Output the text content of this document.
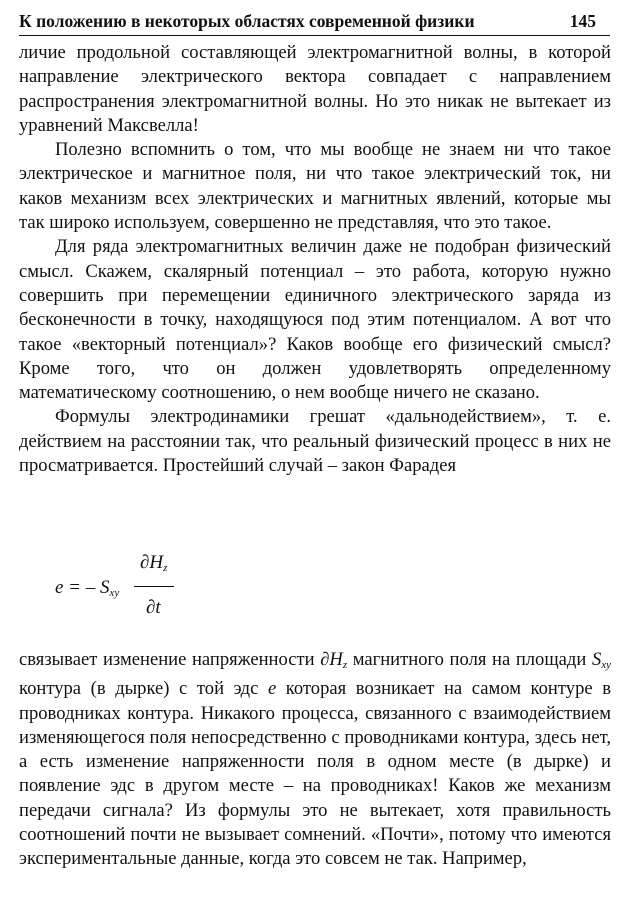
К положению в некоторых областях современной физики	145

личие продольной составляющей электромагнитной волны, в которой направление электрического вектора совпадает с направлением распространения электромагнитной волны. Но это никак не вытекает из уравнений Максвелла!

Полезно вспомнить о том, что мы вообще не знаем ни что такое электрическое и магнитное поля, ни что такое электрический ток, ни каков механизм всех электрических и магнитных явлений, которые мы так широко используем, совершенно не представляя, что это такое.

Для ряда электромагнитных величин даже не подобран физический смысл. Скажем, скалярный потенциал – это работа, которую нужно совершить при перемещении единичного электрического заряда из бесконечности в точку, находящуюся под этим потенциалом. А вот что такое «векторный потенциал»? Каков вообще его физический смысл? Кроме того, что он должен удовлетворять определенному математическому соотношению, о нем вообще ничего не сказано.

Формулы электродинамики грешат «дальнодействием», т. е. действием на расстоянии так, что реальный физический процесс в них не просматривается. Простейший случай – закон Фарадея

e = – $S_{xy}$
$\partial H_z$
∂t

связывает изменение напряженности $\partial H_z$ магнитного поля на площади $S_{xy}$ контура (в дырке) с той эдс e которая возникает на самом контуре в проводниках контура. Никакого процесса, связанного с взаимодействием изменяющегося поля непосредственно с проводниками контура, здесь нет, а есть изменение напряженности поля в одном месте (в дырке) и появление эдс в другом месте – на проводниках! Каков же механизм передачи сигнала? Из формулы это не вытекает, хотя правильность соотношений почти не вызывает сомнений. «Почти», потому что имеются экспериментальные данные, когда это совсем не так. Например,
